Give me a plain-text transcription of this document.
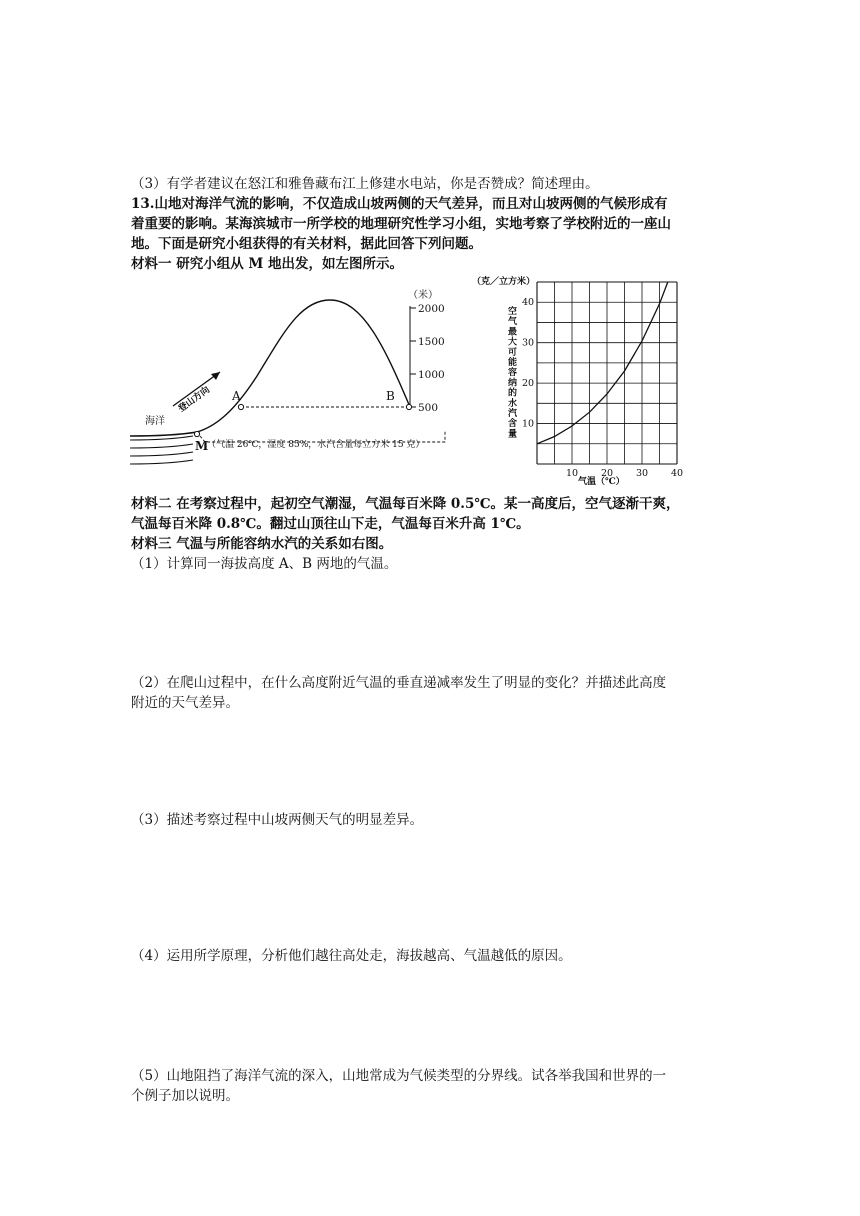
（3）有学者建议在怒江和雅鲁藏布江上修建水电站，你是否赞成？简述理由。
13.山地对海洋气流的影响，不仅造成山坡两侧的天气差异，而且对山坡两侧的气候形成有
着重要的影响。某海滨城市一所学校的地理研究性学习小组，实地考察了学校附近的一座山
地。下面是研究小组获得的有关材料，据此回答下列问题。
材料一 研究小组从 M 地出发，如左图所示。
（米）
2000
1500
1000
500
A	B
M
（气温 26℃，湿度 85%，水汽含量每立方米 15 克）
海洋
登山方向
（克／立方米）
空
气
最
大
可
能
容
纳
的
水
汽
含
量
10 20 30 40
10
20
30
40
气温（℃）
材料二 在考察过程中，起初空气潮湿，气温每百米降 0.5℃。某一高度后，空气逐渐干爽，
气温每百米降 0.8℃。翻过山顶往山下走，气温每百米升高 1℃。
材料三 气温与所能容纳水汽的关系如右图。
（1）计算同一海拔高度 A、B 两地的气温。
（2）在爬山过程中，在什么高度附近气温的垂直递减率发生了明显的变化？并描述此高度
附近的天气差异。
（3）描述考察过程中山坡两侧天气的明显差异。
（4）运用所学原理，分析他们越往高处走，海拔越高、气温越低的原因。
（5）山地阻挡了海洋气流的深入，山地常成为气候类型的分界线。试各举我国和世界的一
个例子加以说明。
